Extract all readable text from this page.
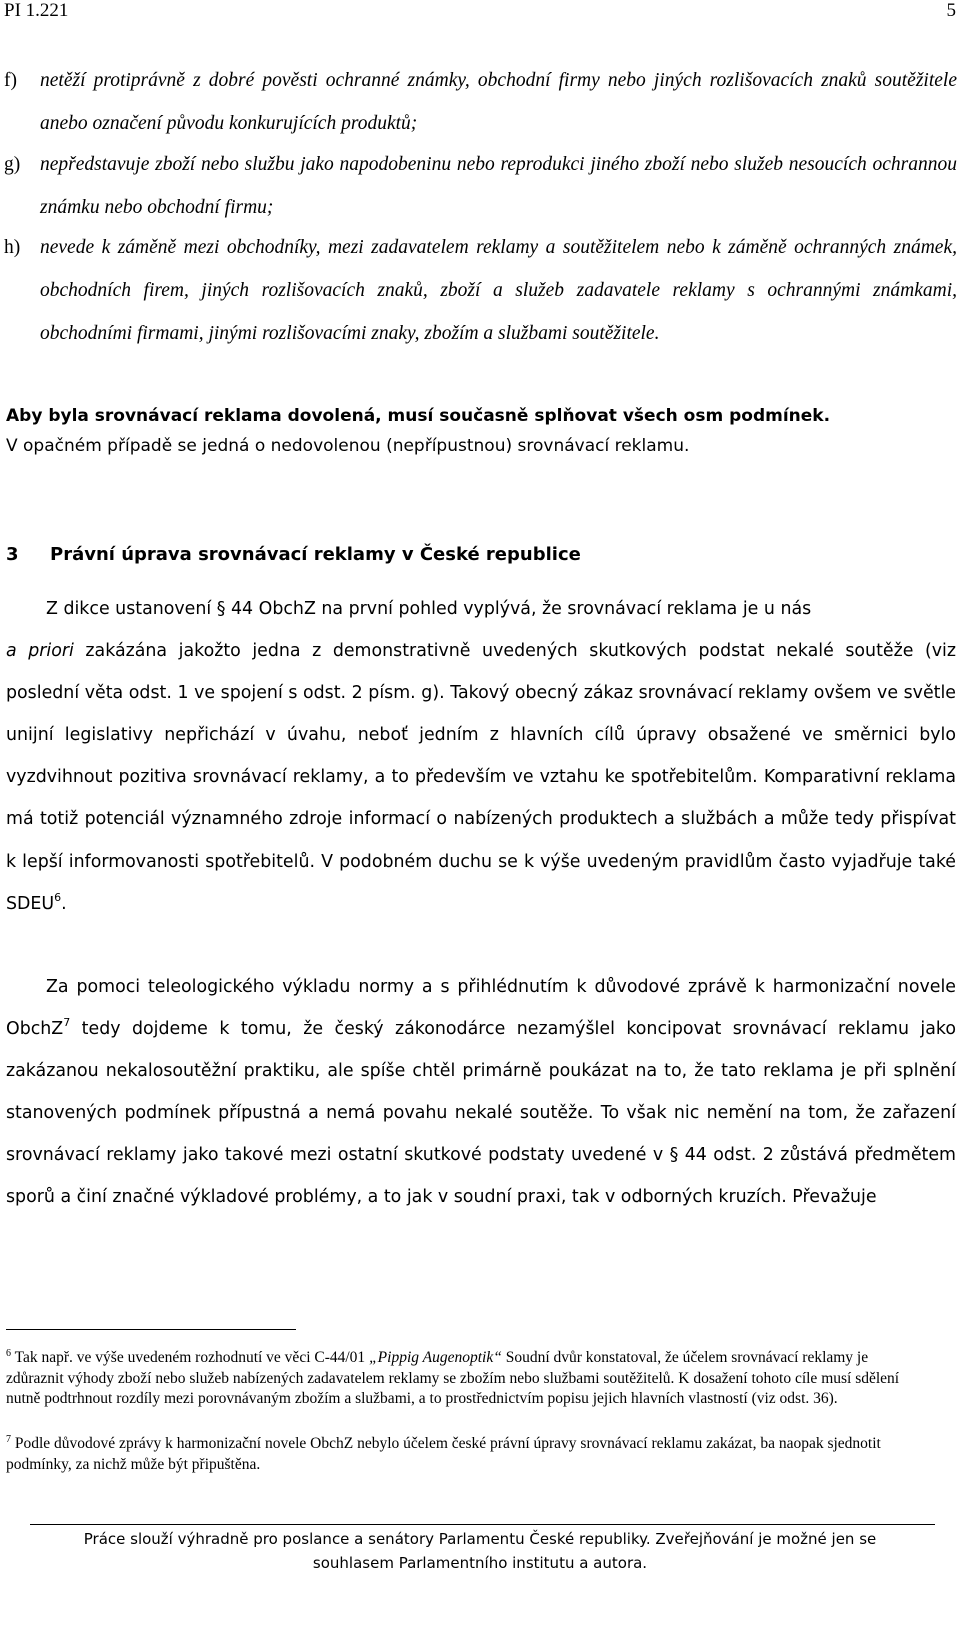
PI 1.221	5
f) netěží protiprávně z dobré pověsti ochranné známky, obchodní firmy nebo jiných rozlišovacích znaků soutěžitele anebo označení původu konkurujících produktů;
g) nepředstavuje zboží nebo službu jako napodobeninu nebo reprodukci jiného zboží nebo služeb nesoucích ochrannou známku nebo obchodní firmu;
h) nevede k záměně mezi obchodníky, mezi zadavatelem reklamy a soutěžitelem nebo k záměně ochranných známek, obchodních firem, jiných rozlišovacích znaků, zboží a služeb zadavatele reklamy s ochrannými známkami, obchodními firmami, jinými rozlišovacími znaky, zbožím a službami soutěžitele.
Aby byla srovnávací reklama dovolená, musí současně splňovat všech osm podmínek.
V opačném případě se jedná o nedovolenou (nepřípustnou) srovnávací reklamu.
3 Právní úprava srovnávací reklamy v České republice

Z dikce ustanovení § 44 ObchZ na první pohled vyplývá, že srovnávací reklama je u nás
a priori zakázána jakožto jedna z demonstrativně uvedených skutkových podstat nekalé soutěže (viz poslední věta odst. 1 ve spojení s odst. 2 písm. g). Takový obecný zákaz srovnávací reklamy ovšem ve světle unijní legislativy nepřichází v úvahu, neboť jedním z hlavních cílů úpravy obsažené ve směrnici bylo vyzdvihnout pozitiva srovnávací reklamy, a to především ve vztahu ke spotřebitelům. Komparativní reklama má totiž potenciál významného zdroje informací o nabízených produktech a službách a může tedy přispívat k lepší informovanosti spotřebitelů. V podobném duchu se k výše uvedeným pravidlům často vyjadřuje také SDEU$^6$.

Za pomoci teleologického výkladu normy a s přihlédnutím k důvodové zprávě k harmonizační novele ObchZ$^7$ tedy dojdeme k tomu, že český zákonodárce nezamýšlel koncipovat srovnávací reklamu jako zakázanou nekalosoutěžní praktiku, ale spíše chtěl primárně poukázat na to, že tato reklama je při splnění stanovených podmínek přípustná a nemá povahu nekalé soutěže. To však nic nemění na tom, že zařazení srovnávací reklamy jako takové mezi ostatní skutkové podstaty uvedené v § 44 odst. 2 zůstává předmětem sporů a činí značné výkladové problémy, a to jak v soudní praxi, tak v odborných kruzích. Převažuje

$^6$ Tak např. ve výše uvedeném rozhodnutí ve věci C-44/01 „Pippig Augenoptik“ Soudní dvůr konstatoval, že účelem srovnávací reklamy je zdůraznit výhody zboží nebo služeb nabízených zadavatelem reklamy se zbožím nebo službami soutěžitelů. K dosažení tohoto cíle musí sdělení nutně podtrhnout rozdíly mezi porovnávaným zbožím a službami, a to prostřednictvím popisu jejich hlavních vlastností (viz odst. 36).
$^7$ Podle důvodové zprávy k harmonizační novele ObchZ nebylo účelem české právní úpravy srovnávací reklamu zakázat, ba naopak sjednotit podmínky, za nichž může být připuštěna.
Práce slouží výhradně pro poslance a senátory Parlamentu České republiky. Zveřejňování je možné jen se
souhlasem Parlamentního institutu a autora.
